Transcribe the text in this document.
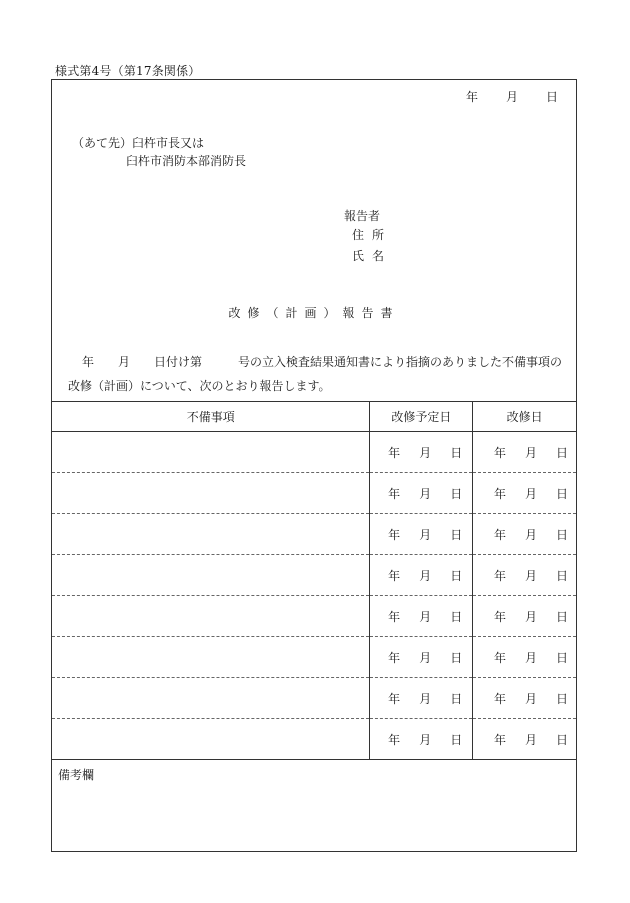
様式第4号（第17条関係）
年 月 日
（あて先）臼杵市長又は
臼杵市消防本部消防長
報告者
住所
氏名
改修（計画）報告書
年　　月　　日付け第　　　号の立入検査結果通知書により指摘のありました不備事項の
改修（計画）について、次のとおり報告します。
不備事項	改修予定日	改修日

	年 月 日	年 月 日

	年 月 日	年 月 日

	年 月 日	年 月 日

	年 月 日	年 月 日

	年 月 日	年 月 日

	年 月 日	年 月 日

	年 月 日	年 月 日

	年 月 日	年 月 日
備考欄
